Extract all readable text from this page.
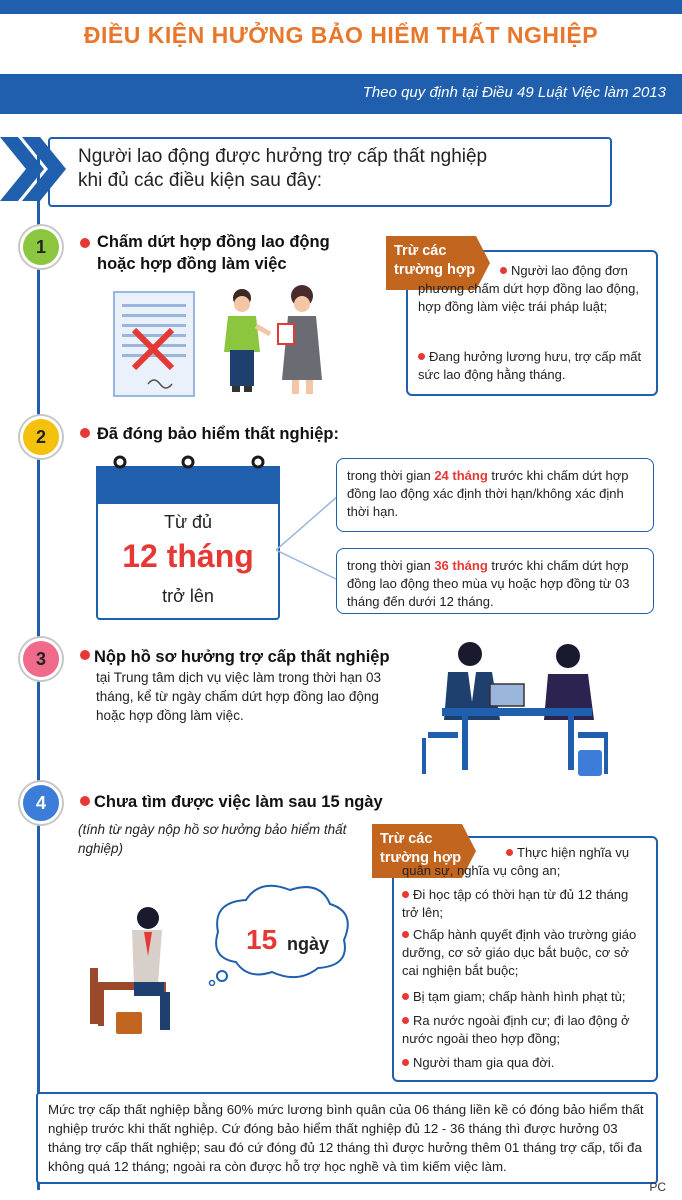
ĐIỀU KIỆN HƯỞNG BẢO HIỂM THẤT NGHIỆP
Theo quy định tại Điều 49 Luật Việc làm 2013
Người lao động được hưởng trợ cấp thất nghiệp
khi đủ các điều kiện sau đây:
1	Chấm dứt hợp đồng lao động
hoặc hợp đồng làm việc
Trừ các
trường hợp	Người lao động đơn phương chấm dứt hợp đồng lao động, hợp đồng làm việc trái pháp luật;
Đang hưởng lương hưu, trợ cấp mất sức lao động hằng tháng.
2	Đã đóng bảo hiểm thất nghiệp:
Từ đủ
12 tháng
trở lên
trong thời gian 24 tháng trước khi chấm dứt hợp đồng lao động xác định thời hạn/không xác định thời hạn.
trong thời gian 36 tháng trước khi chấm dứt hợp đồng lao động theo mùa vụ hoặc hợp đồng từ 03 tháng đến dưới 12 tháng.
3	Nộp hồ sơ hưởng trợ cấp thất nghiệp
tại Trung tâm dịch vụ việc làm trong thời hạn 03 tháng, kể từ ngày chấm dứt hợp đồng lao động hoặc hợp đồng làm việc.
4	Chưa tìm được việc làm sau 15 ngày
(tính từ ngày nộp hồ sơ hưởng bảo hiểm thất nghiệp)
15 ngày
Trừ các
trường hợp	Thực hiện nghĩa vụ quân sự, nghĩa vụ công an;
Đi học tập có thời hạn từ đủ 12 tháng trở lên;
Chấp hành quyết định vào trường giáo dưỡng, cơ sở giáo dục bắt buộc, cơ sở cai nghiện bắt buộc;
Bị tạm giam; chấp hành hình phạt tù;
Ra nước ngoài định cư; đi lao động ở nước ngoài theo hợp đồng;
Người tham gia qua đời.
Mức trợ cấp thất nghiệp bằng 60% mức lương bình quân của 06 tháng liền kề có đóng bảo hiểm thất nghiệp trước khi thất nghiệp. Cứ đóng bảo hiểm thất nghiệp đủ 12 - 36 tháng thì được hưởng 03 tháng trợ cấp thất nghiệp; sau đó cứ đóng đủ 12 tháng thì được hưởng thêm 01 tháng trợ cấp, tối đa không quá 12 tháng; ngoài ra còn được hỗ trợ học nghề và tìm kiếm việc làm.
PC
